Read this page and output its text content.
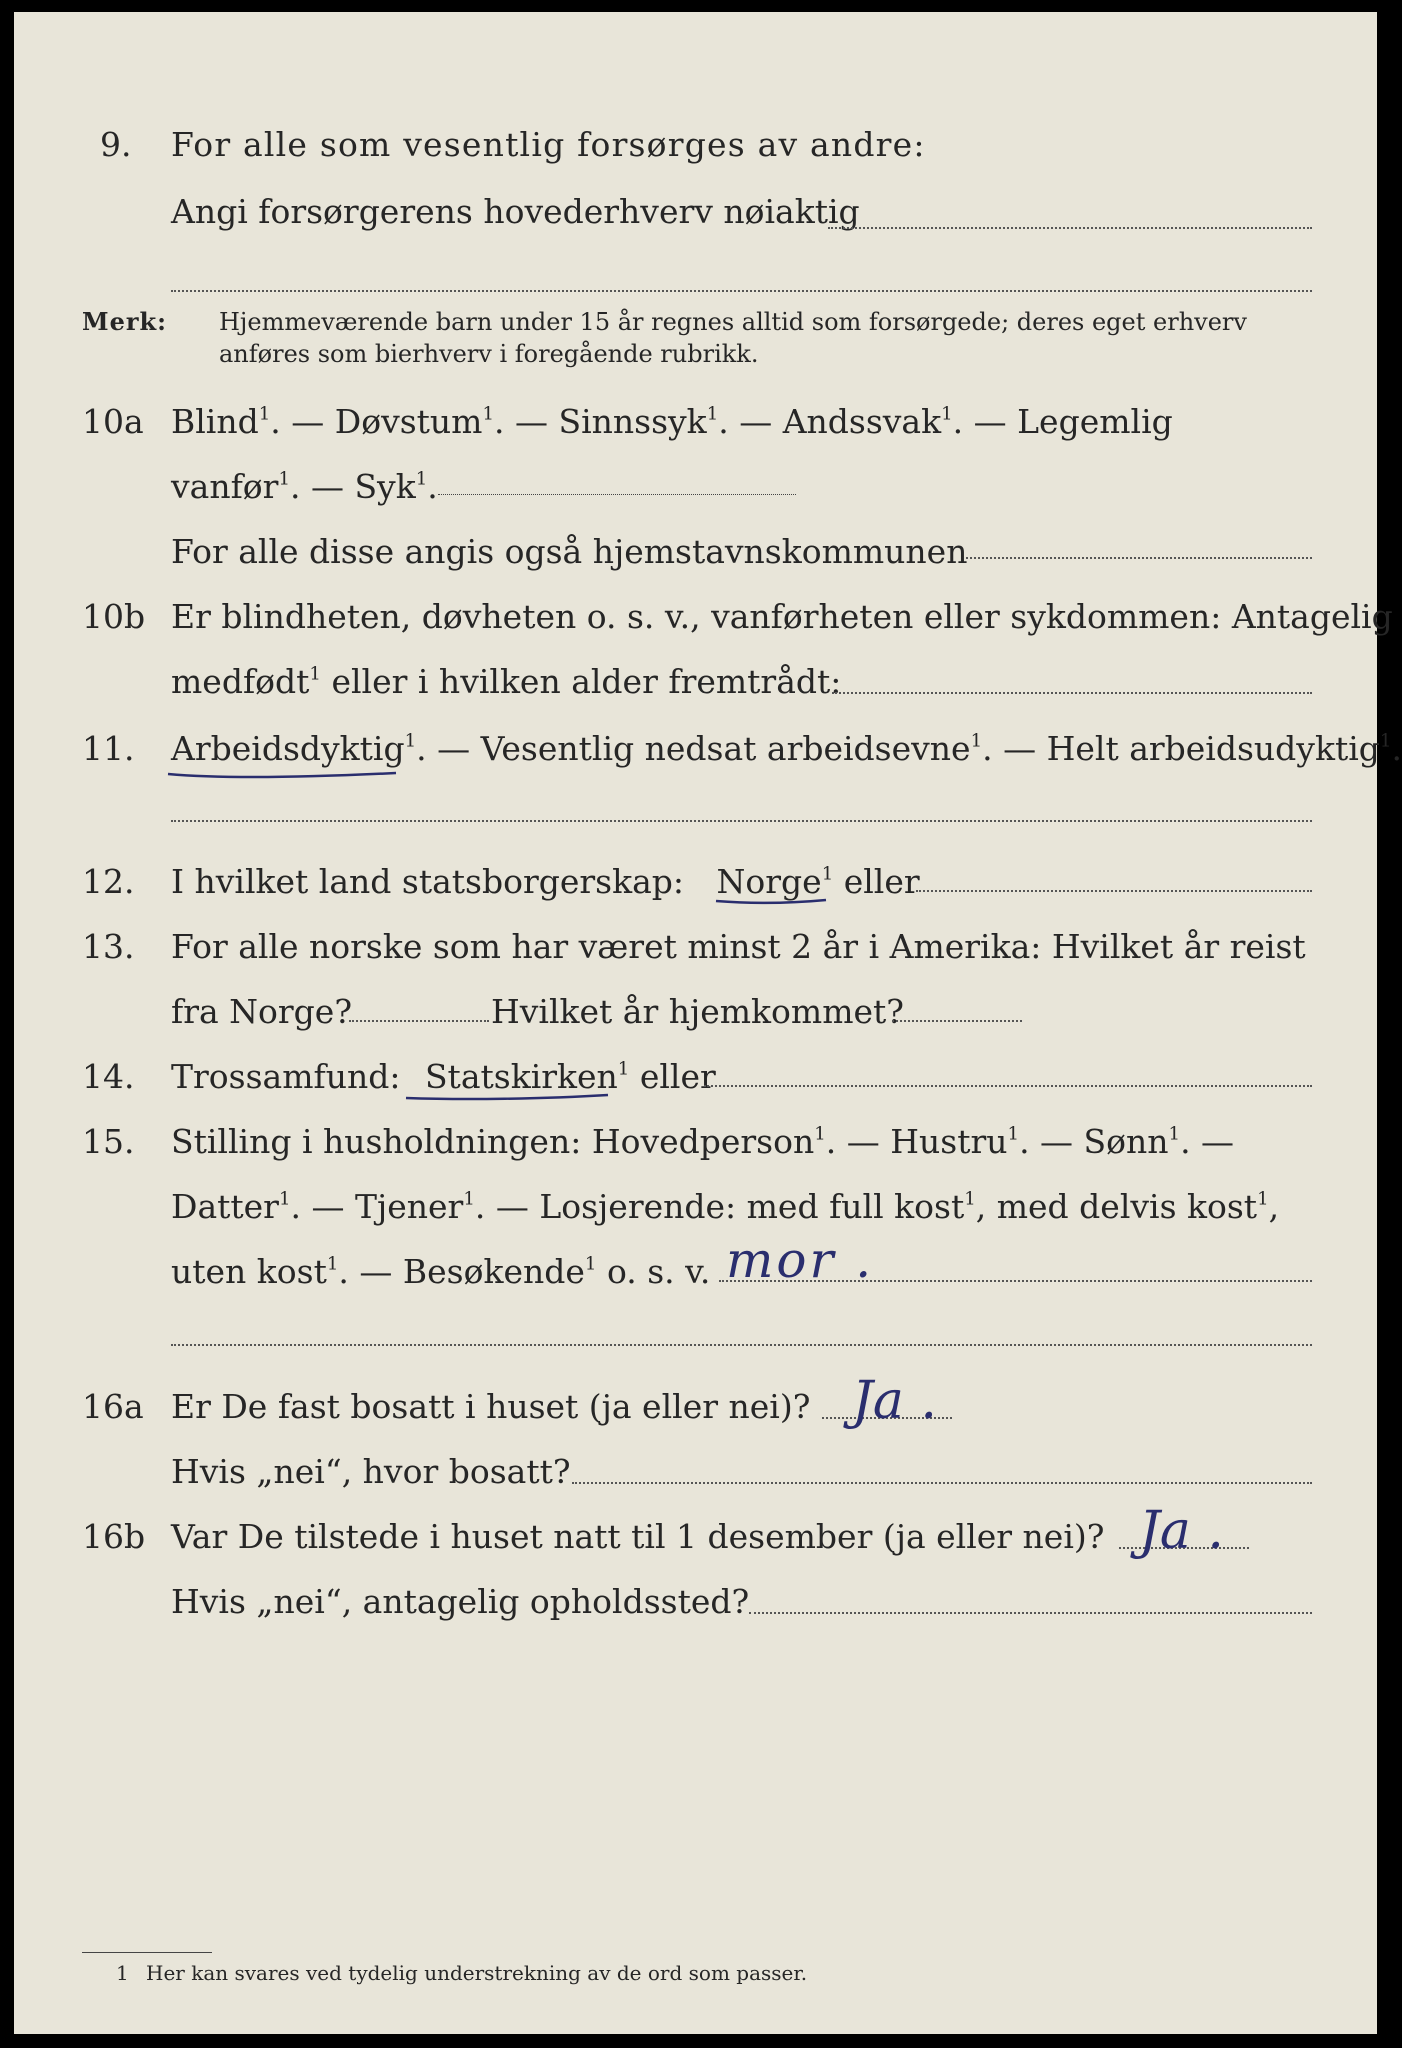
9. For alle som vesentlig forsørges av andre:
Angi forsørgerens hovederhverv nøiaktig
Merk: Hjemmeværende barn under 15 år regnes alltid som forsørgede; deres eget erhverv
anføres som bierhverv i foregående rubrikk.
10a Blind$^1$. — Døvstum$^1$. — Sinnssyk$^1$. — Andssvak$^1$. — Legemlig
vanfør$^1$. — Syk$^1$.
For alle disse angis også hjemstavnskommunen
10b Er blindheten, døvheten o. s. v., vanførheten eller sykdommen: Antagelig
medfødt$^1$ eller i hvilken alder fremtrådt:
11. Arbeidsdyktig$^1$. — Vesentlig nedsat arbeidsevne$^1$. — Helt arbeidsudyktig$^1$.
12. I hvilket land statsborgerskap: Norge$^1$ eller
13. For alle norske som har været minst 2 år i Amerika: Hvilket år reist
fra Norge?	Hvilket år hjemkommet?
14. Trossamfund: Statskirken$^1$ eller
15. Stilling i husholdningen: Hovedperson$^1$. — Hustru$^1$. — Sønn$^1$. —
Datter$^1$. — Tjener$^1$. — Losjerende: med full kost$^1$, med delvis kost$^1$,
uten kost$^1$. — Besøkende$^1$ o. s. v. mor .
16a Er De fast bosatt i huset (ja eller nei)? Ja .
Hvis „nei“, hvor bosatt?
16b Var De tilstede i huset natt til 1 desember (ja eller nei)? Ja .
Hvis „nei“, antagelig opholdssted?
1 Her kan svares ved tydelig understrekning av de ord som passer.
